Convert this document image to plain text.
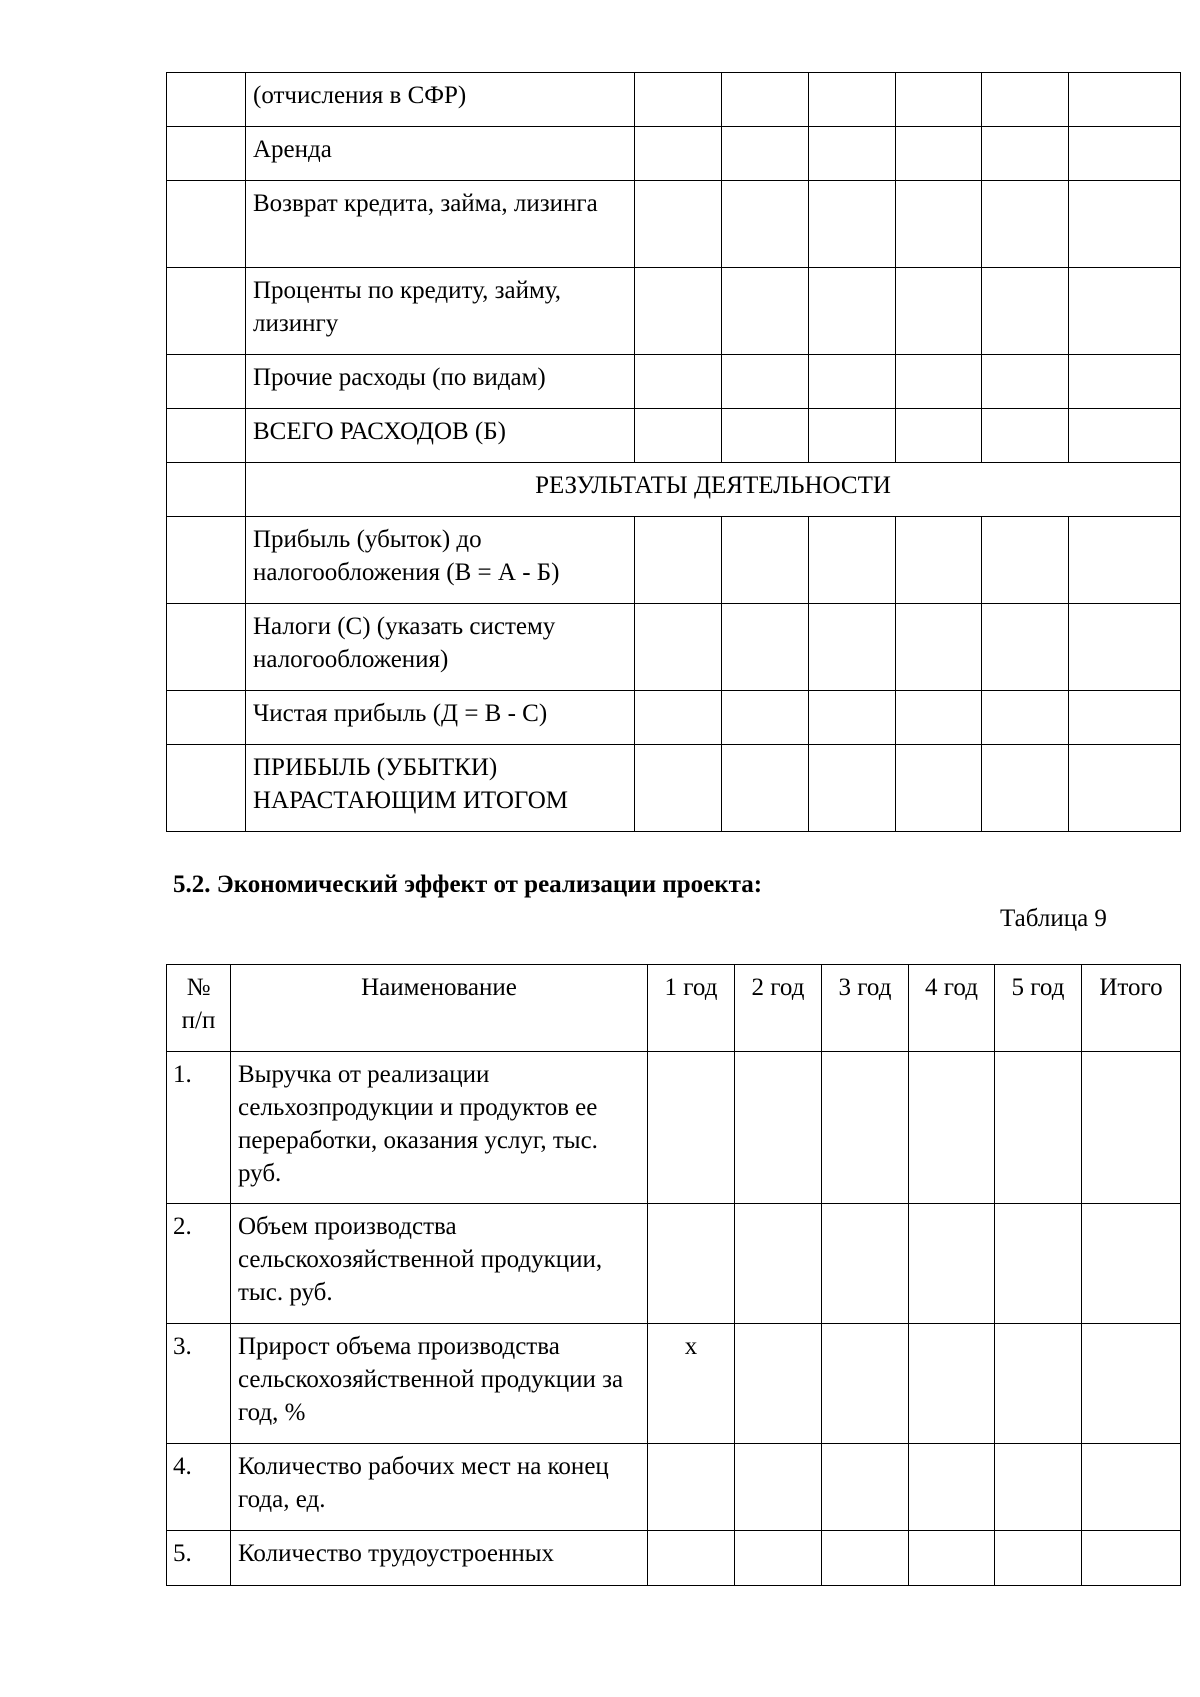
	(отчисления в СФР)						
	Аренда						
	Возврат кредита, займа, лизинга						
	Проценты по кредиту, займу, лизингу						
	Прочие расходы (по видам)						
	ВСЕГО РАСХОДОВ (Б)						
	РЕЗУЛЬТАТЫ ДЕЯТЕЛЬНОСТИ						
	Прибыль (убыток) до налогообложения (В = А - Б)						
	Налоги (С) (указать систему налогообложения)						
	Чистая прибыль (Д = В - С)						
	ПРИБЫЛЬ (УБЫТКИ) НАРАСТАЮЩИМ ИТОГОМ						
5.2. Экономический эффект от реализации проекта:
Таблица 9
№ п/п	Наименование	1 год	2 год	3 год	4 год	5 год	Итого
1.	Выручка от реализации сельхозпродукции и продуктов ее переработки, оказания услуг, тыс. руб.						
2.	Объем производства сельскохозяйственной продукции, тыс. руб.						
3.	Прирост объема производства сельскохозяйственной продукции за год, %	х					
4.	Количество рабочих мест на конец года, ед.						
5.	Количество трудоустроенных						
